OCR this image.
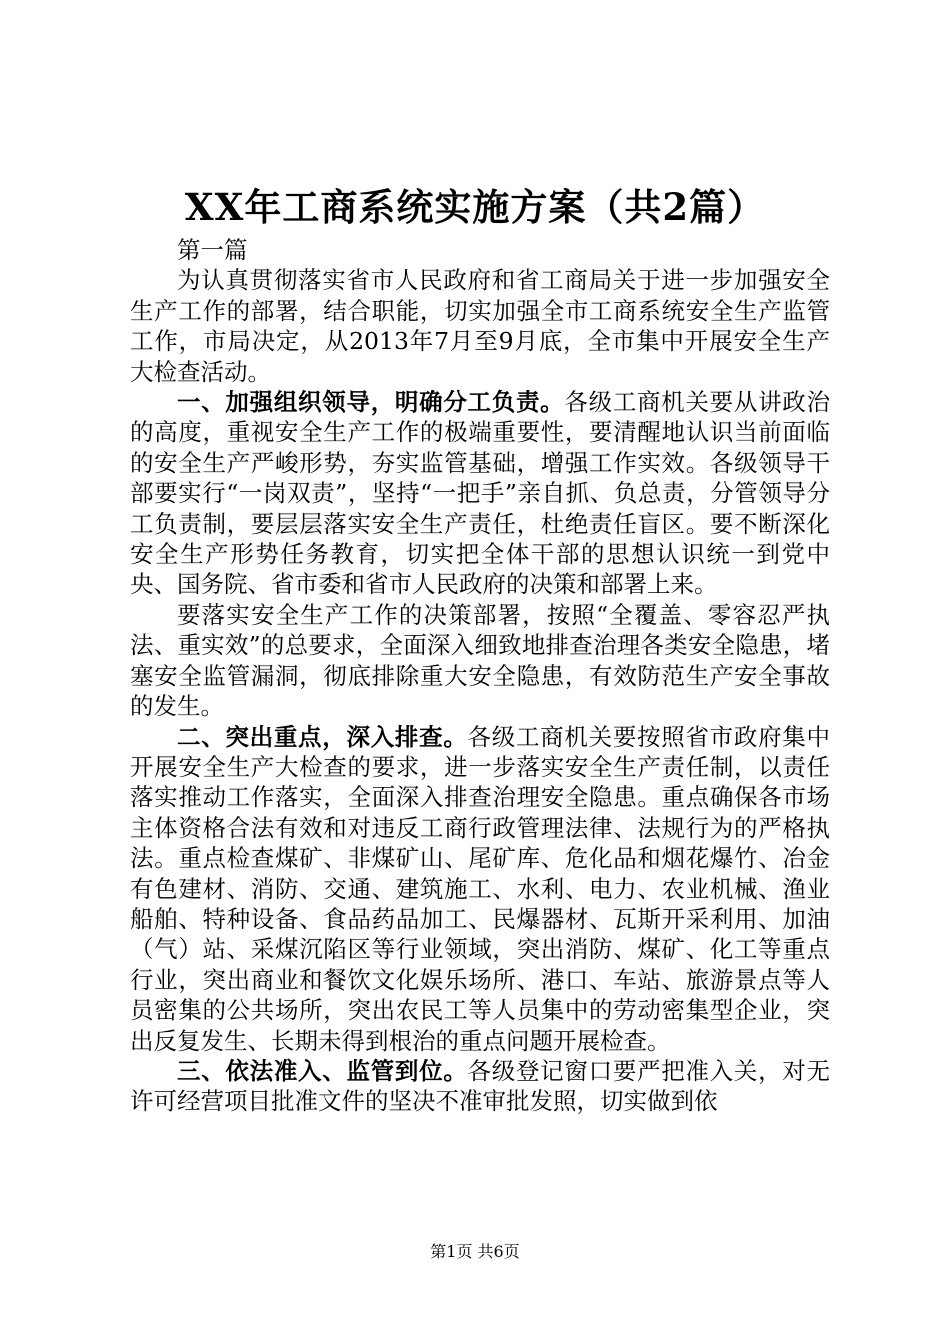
XX年工商系统实施方案（共2篇）

第一篇

为认真贯彻落实省市人民政府和省工商局关于进一步加强安全生产工作的部署，结合职能，切实加强全市工商系统安全生产监管工作，市局决定，从2013年7月至9月底，全市集中开展安全生产大检查活动。

一、加强组织领导，明确分工负责。各级工商机关要从讲政治的高度，重视安全生产工作的极端重要性，要清醒地认识当前面临的安全生产严峻形势，夯实监管基础，增强工作实效。各级领导干部要实行“一岗双责”，坚持“一把手”亲自抓、负总责，分管领导分工负责制，要层层落实安全生产责任，杜绝责任盲区。要不断深化安全生产形势任务教育，切实把全体干部的思想认识统一到党中央、国务院、省市委和省市人民政府的决策和部署上来。

要落实安全生产工作的决策部署，按照“全覆盖、零容忍严执法、重实效”的总要求，全面深入细致地排查治理各类安全隐患，堵塞安全监管漏洞，彻底排除重大安全隐患，有效防范生产安全事故的发生。

二、突出重点，深入排查。各级工商机关要按照省市政府集中开展安全生产大检查的要求，进一步落实安全生产责任制，以责任落实推动工作落实，全面深入排查治理安全隐患。重点确保各市场主体资格合法有效和对违反工商行政管理法律、法规行为的严格执法。重点检查煤矿、非煤矿山、尾矿库、危化品和烟花爆竹、冶金有色建材、消防、交通、建筑施工、水利、电力、农业机械、渔业船舶、特种设备、食品药品加工、民爆器材、瓦斯开采利用、加油（气）站、采煤沉陷区等行业领域，突出消防、煤矿、化工等重点行业，突出商业和餐饮文化娱乐场所、港口、车站、旅游景点等人员密集的公共场所，突出农民工等人员集中的劳动密集型企业，突出反复发生、长期未得到根治的重点问题开展检查。

三、依法准入、监管到位。各级登记窗口要严把准入关，对无许可经营项目批准文件的坚决不准审批发照，切实做到依

第1页 共6页
